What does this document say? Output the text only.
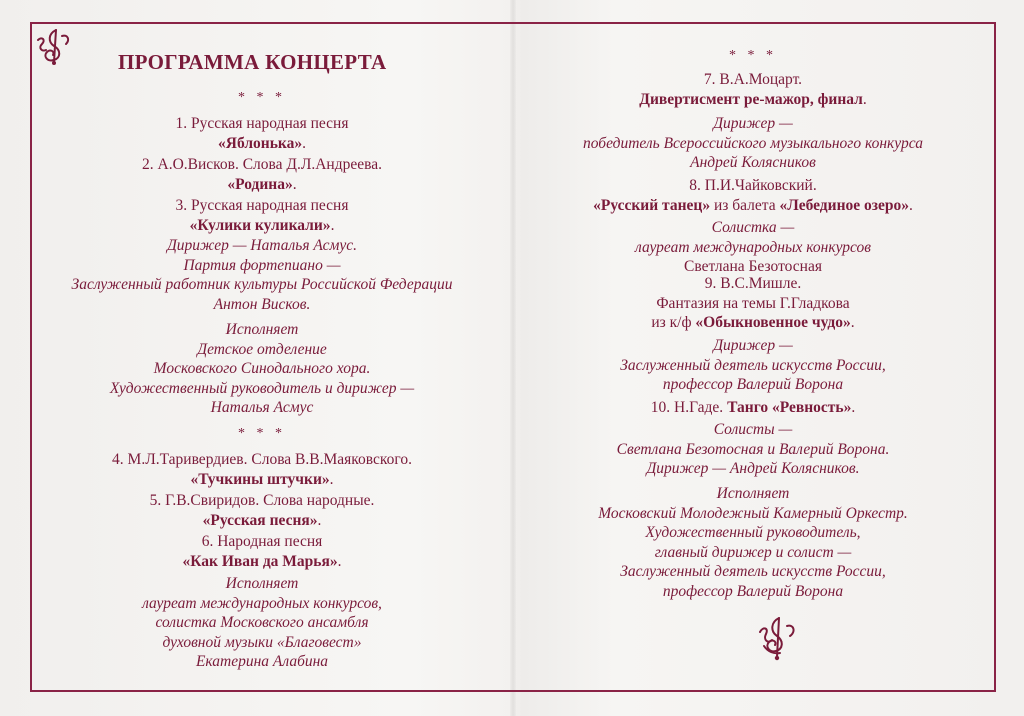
ПРОГРАММА КОНЦЕРТА
* * *
1. Русская народная песня
«Яблонька».
2. А.О.Висков. Слова Д.Л.Андреева.
«Родина».
3. Русская народная песня
«Кулики куликали».
Дирижер — Наталья Асмус.
Партия фортепиано —
Заслуженный работник культуры Российской Федерации
Антон Висков.
Исполняет
Детское отделение
Московского Синодального хора.
Художественный руководитель и дирижер —
Наталья Асмус
* * *
4. М.Л.Таривердиев. Слова В.В.Маяковского.
«Тучкины штучки».
5. Г.В.Свиридов. Слова народные.
«Русская песня».
6. Народная песня
«Как Иван да Марья».
Исполняет
лауреат международных конкурсов,
солистка Московского ансамбля
духовной музыки «Благовест»
Екатерина Алабина
* * *
7. В.А.Моцарт.
Дивертисмент ре-мажор, финал.
Дирижер —
победитель Всероссийского музыкального конкурса
Андрей Колясников
8. П.И.Чайковский.
«Русский танец» из балета «Лебединое озеро».
Солистка —
лауреат международных конкурсов
Светлана Безотосная
9. В.С.Мишле.
Фантазия на темы Г.Гладкова
из к/ф «Обыкновенное чудо».
Дирижер —
Заслуженный деятель искусств России,
профессор Валерий Ворона
10. Н.Гаде. Танго «Ревность».
Солисты —
Светлана Безотосная и Валерий Ворона.
Дирижер — Андрей Колясников.
Исполняет
Московский Молодежный Камерный Оркестр.
Художественный руководитель,
главный дирижер и солист —
Заслуженный деятель искусств России,
профессор Валерий Ворона
